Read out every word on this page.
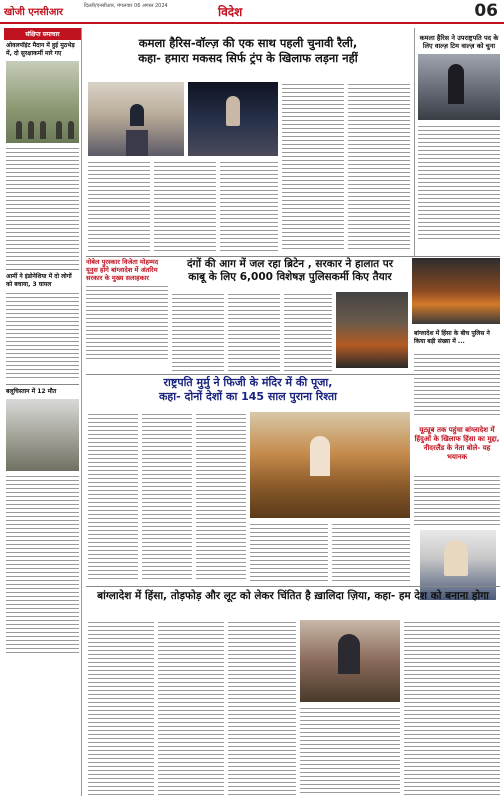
खोजी एनसीआर
दिल्ली/एनसीआर, मंगलवार 06 अगस्त 2024	विदेश	06
संक्षिप्त समाचार
ओवलपॉइंट मैदान में हुई मुठभेड़ में, दो सुरक्षाकर्मी मारे गए
आर्मी ने इंडोनेशिया में दो लोगों को बचाया, 3 घायल
बलूचिस्तान में 12 मौत
कमला हैरिस-वॉल्ज़ की एक साथ पहली चुनावी रैली,
कहा- हमारा मकसद सिर्फ ट्रंप के खिलाफ लड़ना नहीं
कमला हैरिस ने उपराष्ट्रपति पद के लिए वाल्ज़ टिम वाल्ज़ को चुना
नोबेल पुरस्कार विजेता मोहम्मद यूनुस होंगे बांग्लादेश में अंतरिम सरकार के मुख्य सलाहकार
दंगों की आग में जल रहा ब्रिटेन , सरकार ने हालात पर
काबू के लिए 6,000 विशेषज्ञ पुलिसकर्मी किए तैयार
बांग्लादेश में हिंसा के बीच पुलिस ने किया बड़ी संख्या में ...
राष्ट्रपति मुर्मु ने फिजी के मंदिर में की पूजा,
कहा- दोनों देशों का 145 साल पुराना रिश्ता
यूट्यूब तक पहुंचा बांग्लादेश में हिंदुओं के खिलाफ हिंसा का मुद्दा, नीदरलैंड के नेता बोले- यह भयानक
बांग्लादेश में हिंसा, तोड़फोड़ और लूट को लेकर चिंतित है ख़ालिदा ज़िया, कहा- हम देश को बनाना होगा
